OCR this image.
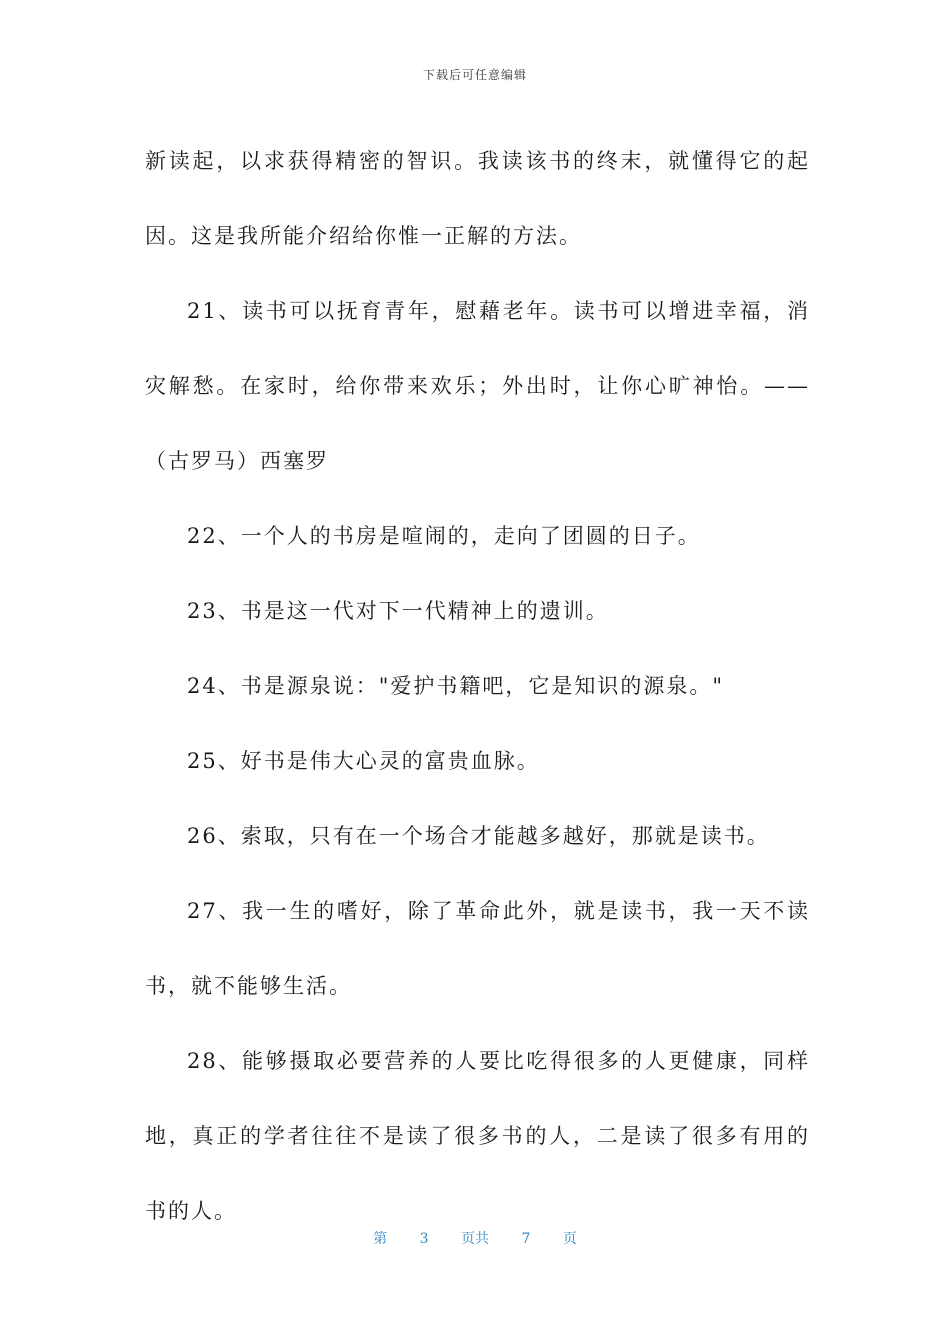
下载后可任意编辑

新读起，以求获得精密的智识。我读该书的终末，就懂得它的起因。这是我所能介绍给你惟一正解的方法。

21、读书可以抚育青年，慰藉老年。读书可以增进幸福，消灾解愁。在家时，给你带来欢乐；外出时，让你心旷神怡。——（古罗马）西塞罗

22、一个人的书房是喧闹的，走向了团圆的日子。

23、书是这一代对下一代精神上的遗训。

24、书是源泉说："爱护书籍吧，它是知识的源泉。"

25、好书是伟大心灵的富贵血脉。

26、索取，只有在一个场合才能越多越好，那就是读书。

27、我一生的嗜好，除了革命此外，就是读书，我一天不读书，就不能够生活。

28、能够摄取必要营养的人要比吃得很多的人更健康，同样地，真正的学者往往不是读了很多书的人，二是读了很多有用的书的人。

第 3 页共 7 页
